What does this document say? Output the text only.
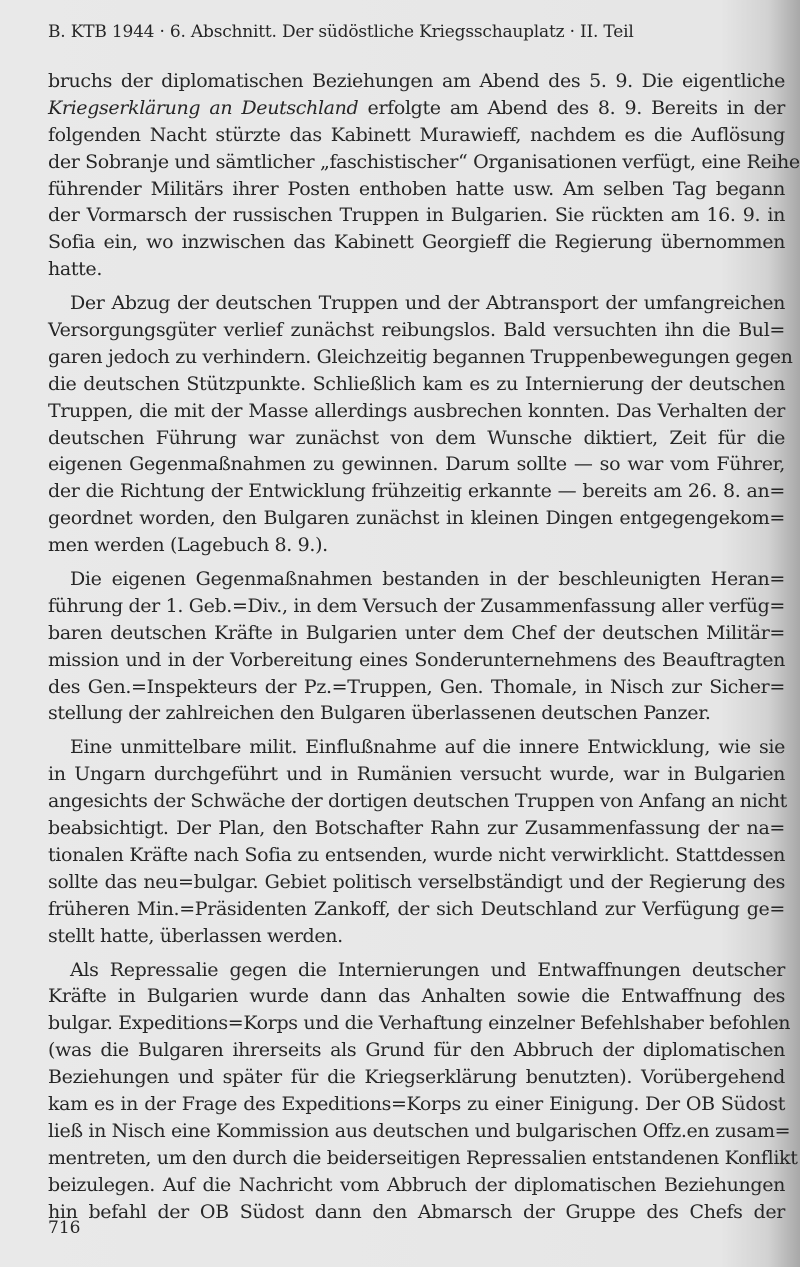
B. KTB 1944 · 6. Abschnitt. Der südöstliche Kriegsschauplatz · II. Teil
bruchs der diplomatischen Beziehungen am Abend des 5. 9. Die eigentliche
Kriegserklärung an Deutschland erfolgte am Abend des 8. 9. Bereits in der
folgenden Nacht stürzte das Kabinett Murawieff, nachdem es die Auflösung
der Sobranje und sämtlicher „faschistischer“ Organisationen verfügt, eine Reihe
führender Militärs ihrer Posten enthoben hatte usw. Am selben Tag begann
der Vormarsch der russischen Truppen in Bulgarien. Sie rückten am 16. 9. in
Sofia ein, wo inzwischen das Kabinett Georgieff die Regierung übernommen
hatte.
Der Abzug der deutschen Truppen und der Abtransport der umfangreichen
Versorgungsgüter verlief zunächst reibungslos. Bald versuchten ihn die Bul=
garen jedoch zu verhindern. Gleichzeitig begannen Truppenbewegungen gegen
die deutschen Stützpunkte. Schließlich kam es zu Internierung der deutschen
Truppen, die mit der Masse allerdings ausbrechen konnten. Das Verhalten der
deutschen Führung war zunächst von dem Wunsche diktiert, Zeit für die
eigenen Gegenmaßnahmen zu gewinnen. Darum sollte — so war vom Führer,
der die Richtung der Entwicklung frühzeitig erkannte — bereits am 26. 8. an=
geordnet worden, den Bulgaren zunächst in kleinen Dingen entgegengekom=
men werden (Lagebuch 8. 9.).
Die eigenen Gegenmaßnahmen bestanden in der beschleunigten Heran=
führung der 1. Geb.=Div., in dem Versuch der Zusammenfassung aller verfüg=
baren deutschen Kräfte in Bulgarien unter dem Chef der deutschen Militär=
mission und in der Vorbereitung eines Sonderunternehmens des Beauftragten
des Gen.=Inspekteurs der Pz.=Truppen, Gen. Thomale, in Nisch zur Sicher=
stellung der zahlreichen den Bulgaren überlassenen deutschen Panzer.
Eine unmittelbare milit. Einflußnahme auf die innere Entwicklung, wie sie
in Ungarn durchgeführt und in Rumänien versucht wurde, war in Bulgarien
angesichts der Schwäche der dortigen deutschen Truppen von Anfang an nicht
beabsichtigt. Der Plan, den Botschafter Rahn zur Zusammenfassung der na=
tionalen Kräfte nach Sofia zu entsenden, wurde nicht verwirklicht. Stattdessen
sollte das neu=bulgar. Gebiet politisch verselbständigt und der Regierung des
früheren Min.=Präsidenten Zankoff, der sich Deutschland zur Verfügung ge=
stellt hatte, überlassen werden.
Als Repressalie gegen die Internierungen und Entwaffnungen deutscher
Kräfte in Bulgarien wurde dann das Anhalten sowie die Entwaffnung des
bulgar. Expeditions=Korps und die Verhaftung einzelner Befehlshaber befohlen
(was die Bulgaren ihrerseits als Grund für den Abbruch der diplomatischen
Beziehungen und später für die Kriegserklärung benutzten). Vorübergehend
kam es in der Frage des Expeditions=Korps zu einer Einigung. Der OB Südost
ließ in Nisch eine Kommission aus deutschen und bulgarischen Offz.en zusam=
mentreten, um den durch die beiderseitigen Repressalien entstandenen Konflikt
beizulegen. Auf die Nachricht vom Abbruch der diplomatischen Beziehungen
hin befahl der OB Südost dann den Abmarsch der Gruppe des Chefs der
716
